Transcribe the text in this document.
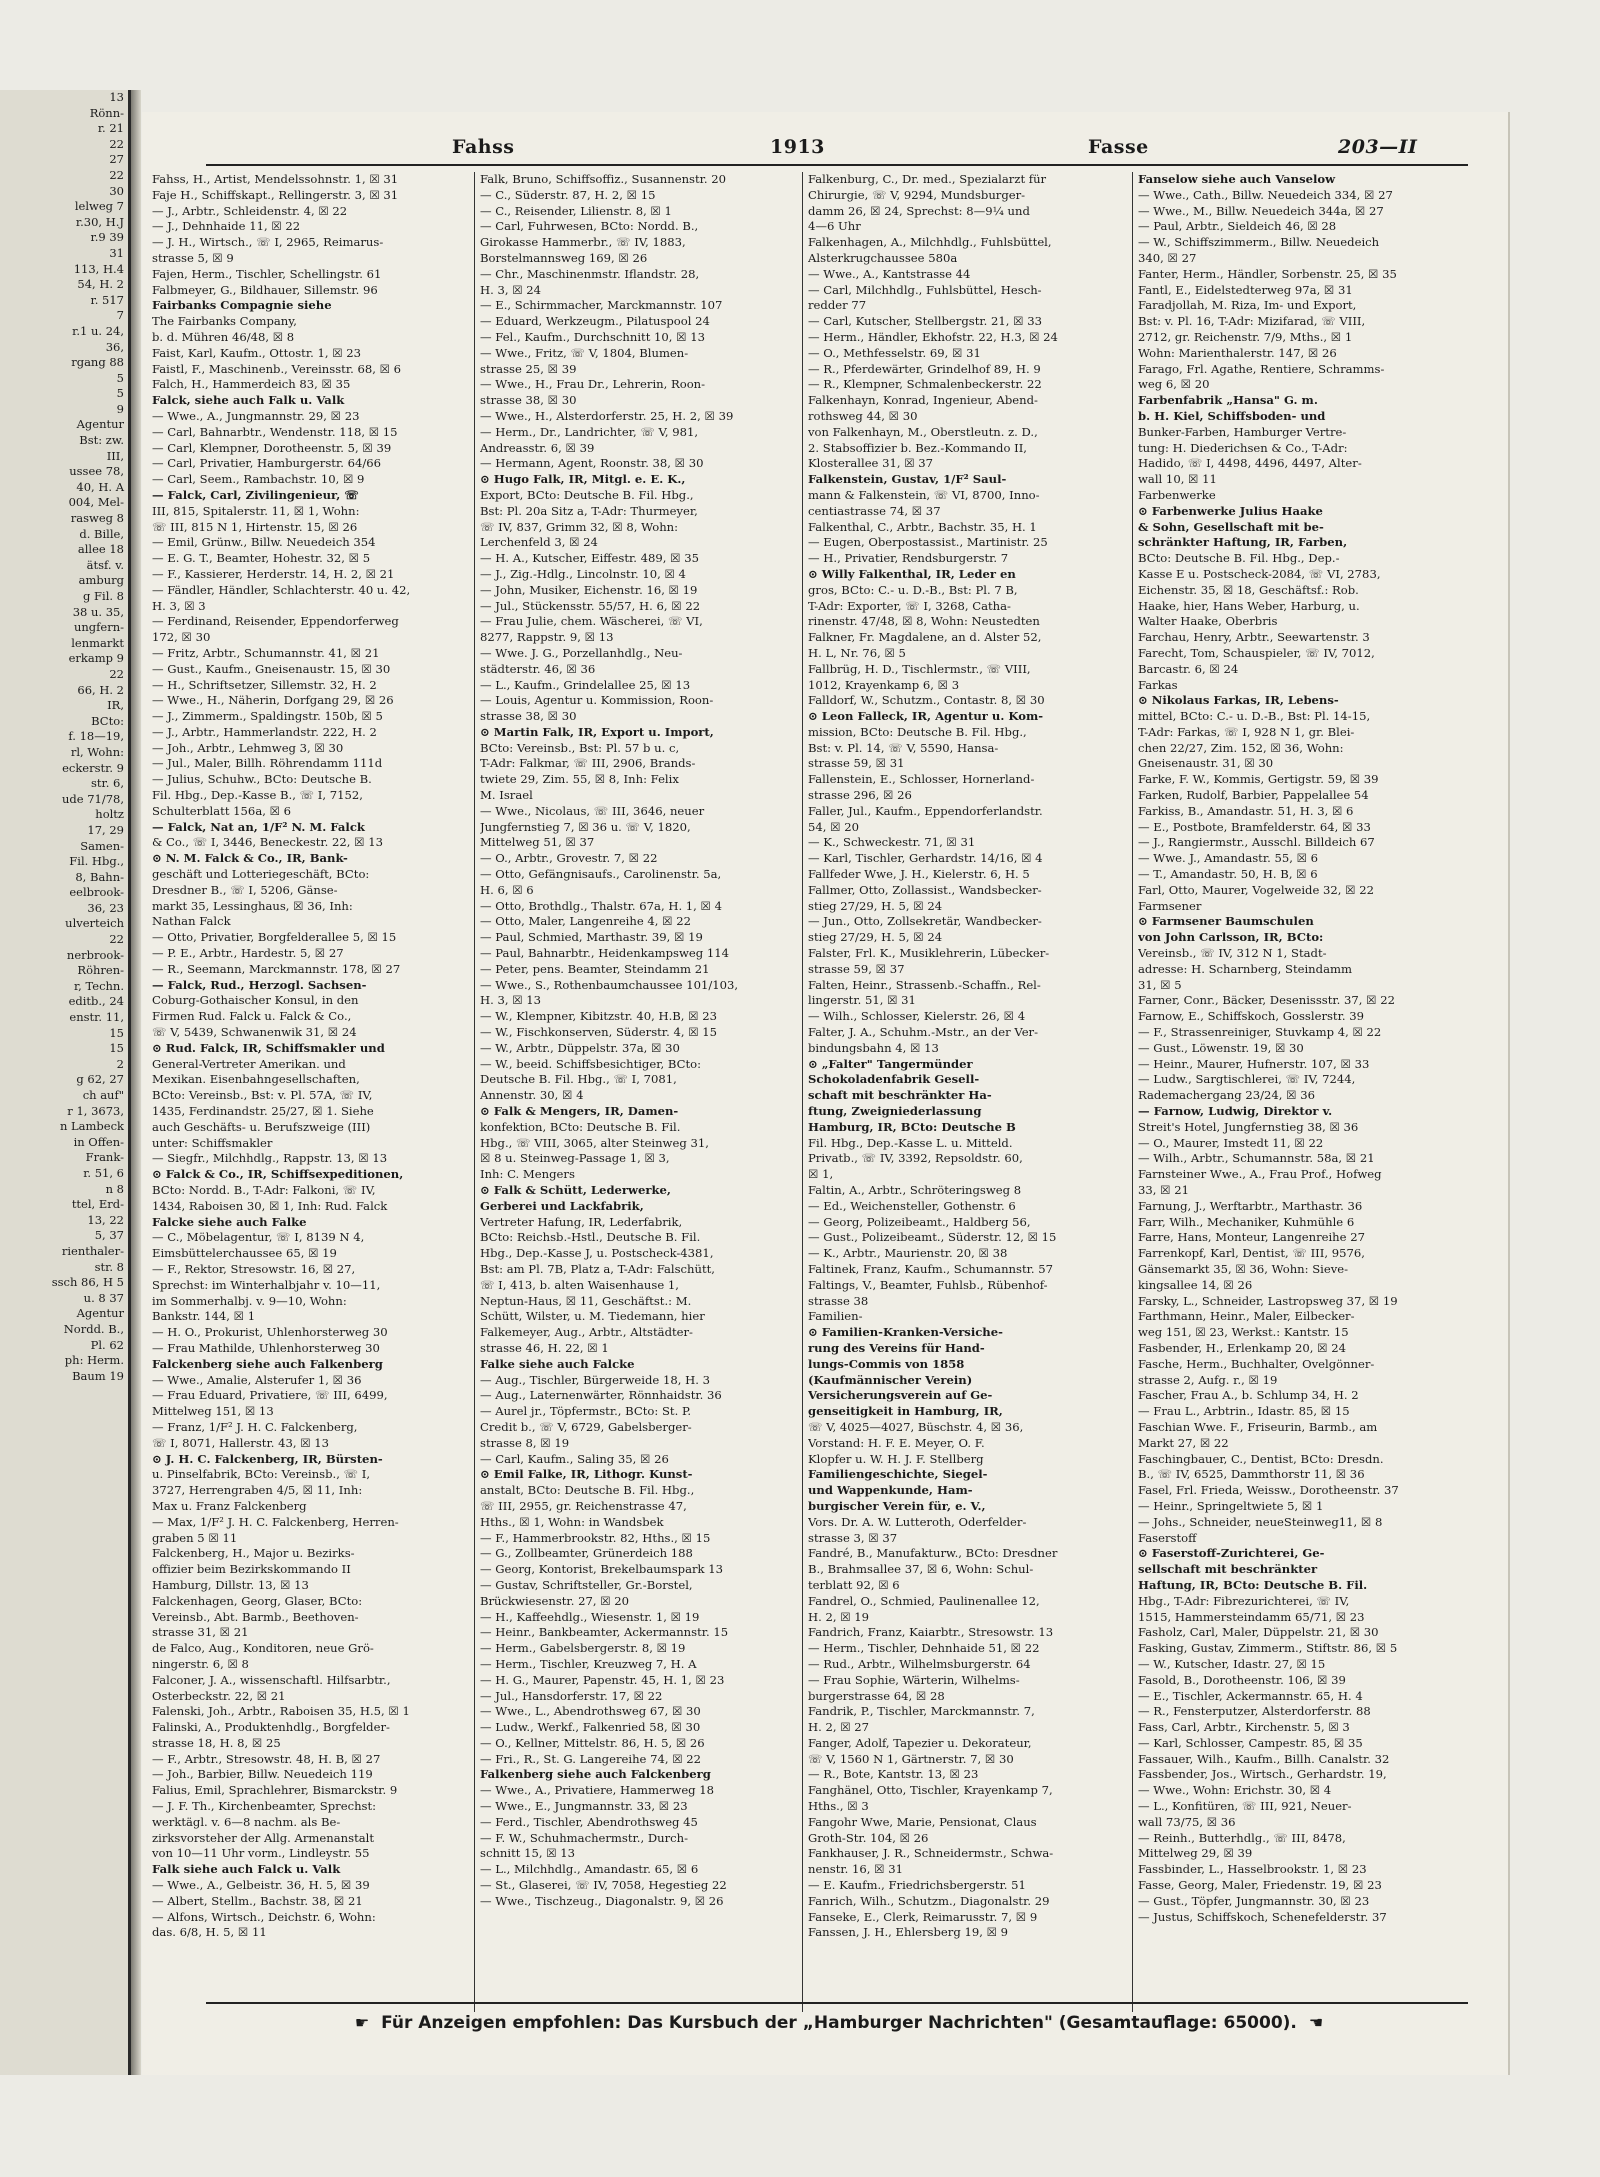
13
Rönn-
r. 21
22
27
22
30
lelweg 7
r.30, H.J
r.9 39
31
113, H.4
54, H. 2
r. 517
7
r.1 u. 24,
36,
rgang 88
5
5
9
Agentur
Bst: zw.
III,
ussee 78,
40, H. A
004, Mel-
rasweg 8
d. Bille,
allee 18
ätsf. v.
amburg
g Fil. 8
38 u. 35,
ungfern-
lenmarkt
erkamp 9
22
66, H. 2
IR,
BCto:
f. 18—19,
rl, Wohn:
eckerstr. 9
str. 6,
ude 71/78,
holtz
17, 29
Samen-
Fil. Hbg.,
8, Bahn-
eelbrook-
36, 23
ulverteich
22
nerbrook-
Röhren-
r, Techn.
editb., 24
enstr. 11,
15
15
2
g 62, 27
ch auf"
r 1, 3673,
n Lambeck
in Offen-
Frank-
r. 51, 6
n 8
ttel, Erd-
13, 22
5, 37
rienthaler-
str. 8
ssch 86, H 5
u. 8 37
Agentur
Nordd. B.,
Pl. 62
ph: Herm.
Baum 19
Fahss	1913	Fasse	203—II
Fahss, H., Artist, Mendelssohnstr. 1, ☒ 31
Faje H., Schiffskapt., Rellingerstr. 3, ☒ 31
— J., Arbtr., Schleidenstr. 4, ☒ 22
— J., Dehnhaide 11, ☒ 22
— J. H., Wirtsch., ☏ I, 2965, Reimarus-
strasse 5, ☒ 9
Fajen, Herm., Tischler, Schellingstr. 61
Falbmeyer, G., Bildhauer, Sillemstr. 96
Fairbanks Compagnie siehe
The Fairbanks Company,
b. d. Mühren 46/48, ☒ 8
Faist, Karl, Kaufm., Ottostr. 1, ☒ 23
Faistl, F., Maschinenb., Vereinsstr. 68, ☒ 6
Falch, H., Hammerdeich 83, ☒ 35
Falck, siehe auch Falk u. Valk
— Wwe., A., Jungmannstr. 29, ☒ 23
— Carl, Bahnarbtr., Wendenstr. 118, ☒ 15
— Carl, Klempner, Dorotheenstr. 5, ☒ 39
— Carl, Privatier, Hamburgerstr. 64/66
— Carl, Seem., Rambachstr. 10, ☒ 9
— Falck, Carl, Zivilingenieur, ☏
III, 815, Spitalerstr. 11, ☒ 1, Wohn:
☏ III, 815 N 1, Hirtenstr. 15, ☒ 26
— Emil, Grünw., Billw. Neuedeich 354
— E. G. T., Beamter, Hohestr. 32, ☒ 5
— F., Kassierer, Herderstr. 14, H. 2, ☒ 21
— Fändler, Händler, Schlachterstr. 40 u. 42,
H. 3, ☒ 3
— Ferdinand, Reisender, Eppendorferweg
172, ☒ 30
— Fritz, Arbtr., Schumannstr. 41, ☒ 21
— Gust., Kaufm., Gneisenaustr. 15, ☒ 30
— H., Schriftsetzer, Sillemstr. 32, H. 2
— Wwe., H., Näherin, Dorfgang 29, ☒ 26
— J., Zimmerm., Spaldingstr. 150b, ☒ 5
— J., Arbtr., Hammerlandstr. 222, H. 2
— Joh., Arbtr., Lehmweg 3, ☒ 30
— Jul., Maler, Billh. Röhrendamm 111d
— Julius, Schuhw., BCto: Deutsche B.
Fil. Hbg., Dep.-Kasse B., ☏ I, 7152,
Schulterblatt 156a, ☒ 6
— Falck, Nat an, 1/F² N. M. Falck
& Co., ☏ I, 3446, Beneckestr. 22, ☒ 13
⊙ N. M. Falck & Co., IR, Bank-
geschäft und Lotteriegeschäft, BCto:
Dresdner B., ☏ I, 5206, Gänse-
markt 35, Lessinghaus, ☒ 36, Inh:
Nathan Falck
— Otto, Privatier, Borgfelderallee 5, ☒ 15
— P. E., Arbtr., Hardestr. 5, ☒ 27
— R., Seemann, Marckmannstr. 178, ☒ 27
— Falck, Rud., Herzogl. Sachsen-
Coburg-Gothaischer Konsul, in den
Firmen Rud. Falck u. Falck & Co.,
☏ V, 5439, Schwanenwik 31, ☒ 24
⊙ Rud. Falck, IR, Schiffsmakler und
General-Vertreter Amerikan. und
Mexikan. Eisenbahngesellschaften,
BCto: Vereinsb., Bst: v. Pl. 57A, ☏ IV,
1435, Ferdinandstr. 25/27, ☒ 1. Siehe
auch Geschäfts- u. Berufszweige (III)
unter: Schiffsmakler
— Siegfr., Milchhdlg., Rappstr. 13, ☒ 13
⊙ Falck & Co., IR, Schiffsexpeditionen,
BCto: Nordd. B., T-Adr: Falkoni, ☏ IV,
1434, Raboisen 30, ☒ 1, Inh: Rud. Falck
Falcke siehe auch Falke
— C., Möbelagentur, ☏ I, 8139 N 4,
Eimsbüttelerchaussee 65, ☒ 19
— F., Rektor, Stresowstr. 16, ☒ 27,
Sprechst: im Winterhalbjahr v. 10—11,
im Sommerhalbj. v. 9—10, Wohn:
Bankstr. 144, ☒ 1
— H. O., Prokurist, Uhlenhorsterweg 30
— Frau Mathilde, Uhlenhorsterweg 30
Falckenberg siehe auch Falkenberg
— Wwe., Amalie, Alsterufer 1, ☒ 36
— Frau Eduard, Privatiere, ☏ III, 6499,
Mittelweg 151, ☒ 13
— Franz, 1/F² J. H. C. Falckenberg,
☏ I, 8071, Hallerstr. 43, ☒ 13
⊙ J. H. C. Falckenberg, IR, Bürsten-
u. Pinselfabrik, BCto: Vereinsb., ☏ I,
3727, Herrengraben 4/5, ☒ 11, Inh:
Max u. Franz Falckenberg
— Max, 1/F² J. H. C. Falckenberg, Herren-
graben 5 ☒ 11
Falckenberg, H., Major u. Bezirks-
offizier beim Bezirkskommando II
Hamburg, Dillstr. 13, ☒ 13
Falckenhagen, Georg, Glaser, BCto:
Vereinsb., Abt. Barmb., Beethoven-
strasse 31, ☒ 21
de Falco, Aug., Konditoren, neue Grö-
ningerstr. 6, ☒ 8
Falconer, J. A., wissenschaftl. Hilfsarbtr.,
Osterbeckstr. 22, ☒ 21
Falenski, Joh., Arbtr., Raboisen 35, H.5, ☒ 1
Falinski, A., Produktenhdlg., Borgfelder-
strasse 18, H. 8, ☒ 25
— F., Arbtr., Stresowstr. 48, H. B, ☒ 27
— Joh., Barbier, Billw. Neuedeich 119
Falius, Emil, Sprachlehrer, Bismarckstr. 9
— J. F. Th., Kirchenbeamter, Sprechst:
werktägl. v. 6—8 nachm. als Be-
zirksvorsteher der Allg. Armenanstalt
von 10—11 Uhr vorm., Lindleystr. 55
Falk siehe auch Falck u. Valk
— Wwe., A., Gelbeistr. 36, H. 5, ☒ 39
— Albert, Stellm., Bachstr. 38, ☒ 21
— Alfons, Wirtsch., Deichstr. 6, Wohn:
das. 6/8, H. 5, ☒ 11
Falk, Bruno, Schiffsoffiz., Susannenstr. 20
— C., Süderstr. 87, H. 2, ☒ 15
— C., Reisender, Lilienstr. 8, ☒ 1
— Carl, Fuhrwesen, BCto: Nordd. B.,
Girokasse Hammerbr., ☏ IV, 1883,
Borstelmannsweg 169, ☒ 26
— Chr., Maschinenmstr. Iflandstr. 28,
H. 3, ☒ 24
— E., Schirmmacher, Marckmannstr. 107
— Eduard, Werkzeugm., Pilatuspool 24
— Fel., Kaufm., Durchschnitt 10, ☒ 13
— Wwe., Fritz, ☏ V, 1804, Blumen-
strasse 25, ☒ 39
— Wwe., H., Frau Dr., Lehrerin, Roon-
strasse 38, ☒ 30
— Wwe., H., Alsterdorferstr. 25, H. 2, ☒ 39
— Herm., Dr., Landrichter, ☏ V, 981,
Andreasstr. 6, ☒ 39
— Hermann, Agent, Roonstr. 38, ☒ 30
⊙ Hugo Falk, IR, Mitgl. e. E. K.,
Export, BCto: Deutsche B. Fil. Hbg.,
Bst: Pl. 20a Sitz a, T-Adr: Thurmeyer,
☏ IV, 837, Grimm 32, ☒ 8, Wohn:
Lerchenfeld 3, ☒ 24
— H. A., Kutscher, Eiffestr. 489, ☒ 35
— J., Zig.-Hdlg., Lincolnstr. 10, ☒ 4
— John, Musiker, Eichenstr. 16, ☒ 19
— Jul., Stückensstr. 55/57, H. 6, ☒ 22
— Frau Julie, chem. Wäscherei, ☏ VI,
8277, Rappstr. 9, ☒ 13
— Wwe. J. G., Porzellanhdlg., Neu-
städterstr. 46, ☒ 36
— L., Kaufm., Grindelallee 25, ☒ 13
— Louis, Agentur u. Kommission, Roon-
strasse 38, ☒ 30
⊙ Martin Falk, IR, Export u. Import,
BCto: Vereinsb., Bst: Pl. 57 b u. c,
T-Adr: Falkmar, ☏ III, 2906, Brands-
twiete 29, Zim. 55, ☒ 8, Inh: Felix
M. Israel
— Wwe., Nicolaus, ☏ III, 3646, neuer
Jungfernstieg 7, ☒ 36 u. ☏ V, 1820,
Mittelweg 51, ☒ 37
— O., Arbtr., Grovestr. 7, ☒ 22
— Otto, Gefängnisaufs., Carolinenstr. 5a,
H. 6, ☒ 6
— Otto, Brothdlg., Thalstr. 67a, H. 1, ☒ 4
— Otto, Maler, Langenreihe 4, ☒ 22
— Paul, Schmied, Marthastr. 39, ☒ 19
— Paul, Bahnarbtr., Heidenkampsweg 114
— Peter, pens. Beamter, Steindamm 21
— Wwe., S., Rothenbaumchaussee 101/103,
H. 3, ☒ 13
— W., Klempner, Kibitzstr. 40, H.B, ☒ 23
— W., Fischkonserven, Süderstr. 4, ☒ 15
— W., Arbtr., Düppelstr. 37a, ☒ 30
— W., beeid. Schiffsbesichtiger, BCto:
Deutsche B. Fil. Hbg., ☏ I, 7081,
Annenstr. 30, ☒ 4
⊙ Falk & Mengers, IR, Damen-
konfektion, BCto: Deutsche B. Fil.
Hbg., ☏ VIII, 3065, alter Steinweg 31,
☒ 8 u. Steinweg-Passage 1, ☒ 3,
Inh: C. Mengers
⊙ Falk & Schütt, Lederwerke,
Gerberei und Lackfabrik,
Vertreter Hafung, IR, Lederfabrik,
BCto: Reichsb.-Hstl., Deutsche B. Fil.
Hbg., Dep.-Kasse J, u. Postscheck-4381,
Bst: am Pl. 7B, Platz a, T-Adr: Falschütt,
☏ I, 413, b. alten Waisenhause 1,
Neptun-Haus, ☒ 11, Geschäftst.: M.
Schütt, Wilster, u. M. Tiedemann, hier
Falkemeyer, Aug., Arbtr., Altstädter-
strasse 46, H. 22, ☒ 1
Falke siehe auch Falcke
— Aug., Tischler, Bürgerweide 18, H. 3
— Aug., Laternenwärter, Rönnhaidstr. 36
— Aurel jr., Töpfermstr., BCto: St. P.
Credit b., ☏ V, 6729, Gabelsberger-
strasse 8, ☒ 19
— Carl, Kaufm., Saling 35, ☒ 26
⊙ Emil Falke, IR, Lithogr. Kunst-
anstalt, BCto: Deutsche B. Fil. Hbg.,
☏ III, 2955, gr. Reichenstrasse 47,
Hths., ☒ 1, Wohn: in Wandsbek
— F., Hammerbrookstr. 82, Hths., ☒ 15
— G., Zollbeamter, Grünerdeich 188
— Georg, Kontorist, Brekelbaumspark 13
— Gustav, Schriftsteller, Gr.-Borstel,
Brückwiesenstr. 27, ☒ 20
— H., Kaffeehdlg., Wiesenstr. 1, ☒ 19
— Heinr., Bankbeamter, Ackermannstr. 15
— Herm., Gabelsbergerstr. 8, ☒ 19
— Herm., Tischler, Kreuzweg 7, H. A
— H. G., Maurer, Papenstr. 45, H. 1, ☒ 23
— Jul., Hansdorferstr. 17, ☒ 22
— Wwe., L., Abendrothsweg 67, ☒ 30
— Ludw., Werkf., Falkenried 58, ☒ 30
— O., Kellner, Mittelstr. 86, H. 5, ☒ 26
— Fri., R., St. G. Langereihe 74, ☒ 22
Falkenberg siehe auch Falckenberg
— Wwe., A., Privatiere, Hammerweg 18
— Wwe., E., Jungmannstr. 33, ☒ 23
— Ferd., Tischler, Abendrothsweg 45
— F. W., Schuhmachermstr., Durch-
schnitt 15, ☒ 13
— L., Milchhdlg., Amandastr. 65, ☒ 6
— St., Glaserei, ☏ IV, 7058, Hegestieg 22
— Wwe., Tischzeug., Diagonalstr. 9, ☒ 26
Falkenburg, C., Dr. med., Spezialarzt für
Chirurgie, ☏ V, 9294, Mundsburger-
damm 26, ☒ 24, Sprechst: 8—9¼ und
4—6 Uhr
Falkenhagen, A., Milchhdlg., Fuhlsbüttel,
Alsterkrugchaussee 580a
— Wwe., A., Kantstrasse 44
— Carl, Milchhdlg., Fuhlsbüttel, Hesch-
redder 77
— Carl, Kutscher, Stellbergstr. 21, ☒ 33
— Herm., Händler, Ekhofstr. 22, H.3, ☒ 24
— O., Methfesselstr. 69, ☒ 31
— R., Pferdewärter, Grindelhof 89, H. 9
— R., Klempner, Schmalenbeckerstr. 22
Falkenhayn, Konrad, Ingenieur, Abend-
rothsweg 44, ☒ 30
von Falkenhayn, M., Oberstleutn. z. D.,
2. Stabsoffizier b. Bez.-Kommando II,
Klosterallee 31, ☒ 37
Falkenstein, Gustav, 1/F² Saul-
mann & Falkenstein, ☏ VI, 8700, Inno-
centiastrasse 74, ☒ 37
Falkenthal, C., Arbtr., Bachstr. 35, H. 1
— Eugen, Oberpostassist., Martinistr. 25
— H., Privatier, Rendsburgerstr. 7
⊙ Willy Falkenthal, IR, Leder en
gros, BCto: C.- u. D.-B., Bst: Pl. 7 B,
T-Adr: Exporter, ☏ I, 3268, Catha-
rinenstr. 47/48, ☒ 8, Wohn: Neustedten
Falkner, Fr. Magdalene, an d. Alster 52,
H. L, Nr. 76, ☒ 5
Fallbrüg, H. D., Tischlermstr., ☏ VIII,
1012, Krayenkamp 6, ☒ 3
Falldorf, W., Schutzm., Contastr. 8, ☒ 30
⊙ Leon Falleck, IR, Agentur u. Kom-
mission, BCto: Deutsche B. Fil. Hbg.,
Bst: v. Pl. 14, ☏ V, 5590, Hansa-
strasse 59, ☒ 31
Fallenstein, E., Schlosser, Hornerland-
strasse 296, ☒ 26
Faller, Jul., Kaufm., Eppendorferlandstr.
54, ☒ 20
— K., Schweckestr. 71, ☒ 31
— Karl, Tischler, Gerhardstr. 14/16, ☒ 4
Fallfeder Wwe, J. H., Kielerstr. 6, H. 5
Fallmer, Otto, Zollassist., Wandsbecker-
stieg 27/29, H. 5, ☒ 24
— Jun., Otto, Zollsekretär, Wandbecker-
stieg 27/29, H. 5, ☒ 24
Falster, Frl. K., Musiklehrerin, Lübecker-
strasse 59, ☒ 37
Falten, Heinr., Strassenb.-Schaffn., Rel-
lingerstr. 51, ☒ 31
— Wilh., Schlosser, Kielerstr. 26, ☒ 4
Falter, J. A., Schuhm.-Mstr., an der Ver-
bindungsbahn 4, ☒ 13
⊙ „Falter" Tangermünder
Schokoladenfabrik Gesell-
schaft mit beschränkter Ha-
ftung, Zweigniederlassung
Hamburg, IR, BCto: Deutsche B
Fil. Hbg., Dep.-Kasse L. u. Mitteld.
Privatb., ☏ IV, 3392, Repsoldstr. 60,
☒ 1,
Faltin, A., Arbtr., Schröteringsweg 8
— Ed., Weichensteller, Gothenstr. 6
— Georg, Polizeibeamt., Haldberg 56,
— Gust., Polizeibeamt., Süderstr. 12, ☒ 15
— K., Arbtr., Maurienstr. 20, ☒ 38
Faltinek, Franz, Kaufm., Schumannstr. 57
Faltings, V., Beamter, Fuhlsb., Rübenhof-
strasse 38
Familien-
⊙ Familien-Kranken-Versiche-
rung des Vereins für Hand-
lungs-Commis von 1858
(Kaufmännischer Verein)
Versicherungsverein auf Ge-
genseitigkeit in Hamburg, IR,
☏ V, 4025—4027, Büschstr. 4, ☒ 36,
Vorstand: H. F. E. Meyer, O. F.
Klopfer u. W. H. J. F. Stellberg
Familiengeschichte, Siegel-
und Wappenkunde, Ham-
burgischer Verein für, e. V.,
Vors. Dr. A. W. Lutteroth, Oderfelder-
strasse 3, ☒ 37
Fandré, B., Manufakturw., BCto: Dresdner
B., Brahmsallee 37, ☒ 6, Wohn: Schul-
terblatt 92, ☒ 6
Fandrel, O., Schmied, Paulinenallee 12,
H. 2, ☒ 19
Fandrich, Franz, Kaiarbtr., Stresowstr. 13
— Herm., Tischler, Dehnhaide 51, ☒ 22
— Rud., Arbtr., Wilhelmsburgerstr. 64
— Frau Sophie, Wärterin, Wilhelms-
burgerstrasse 64, ☒ 28
Fandrik, P., Tischler, Marckmannstr. 7,
H. 2, ☒ 27
Fanger, Adolf, Tapezier u. Dekorateur,
☏ V, 1560 N 1, Gärtnerstr. 7, ☒ 30
— R., Bote, Kantstr. 13, ☒ 23
Fanghänel, Otto, Tischler, Krayenkamp 7,
Hths., ☒ 3
Fangohr Wwe, Marie, Pensionat, Claus
Groth-Str. 104, ☒ 26
Fankhauser, J. R., Schneidermstr., Schwa-
nenstr. 16, ☒ 31
— E. Kaufm., Friedrichsbergerstr. 51
Fanrich, Wilh., Schutzm., Diagonalstr. 29
Fanseke, E., Clerk, Reimarusstr. 7, ☒ 9
Fanssen, J. H., Ehlersberg 19, ☒ 9
Fanselow siehe auch Vanselow
— Wwe., Cath., Billw. Neuedeich 334, ☒ 27
— Wwe., M., Billw. Neuedeich 344a, ☒ 27
— Paul, Arbtr., Sieldeich 46, ☒ 28
— W., Schiffszimmerm., Billw. Neuedeich
340, ☒ 27
Fanter, Herm., Händler, Sorbenstr. 25, ☒ 35
Fantl, E., Eidelstedterweg 97a, ☒ 31
Faradjollah, M. Riza, Im- und Export,
Bst: v. Pl. 16, T-Adr: Mizifarad, ☏ VIII,
2712, gr. Reichenstr. 7/9, Mths., ☒ 1
Wohn: Marienthalerstr. 147, ☒ 26
Farago, Frl. Agathe, Rentiere, Schramms-
weg 6, ☒ 20
Farbenfabrik „Hansa" G. m.
b. H. Kiel, Schiffsboden- und
Bunker-Farben, Hamburger Vertre-
tung: H. Diederichsen & Co., T-Adr:
Hadido, ☏ I, 4498, 4496, 4497, Alter-
wall 10, ☒ 11
Farbenwerke
⊙ Farbenwerke Julius Haake
& Sohn, Gesellschaft mit be-
schränkter Haftung, IR, Farben,
BCto: Deutsche B. Fil. Hbg., Dep.-
Kasse E u. Postscheck-2084, ☏ VI, 2783,
Eichenstr. 35, ☒ 18, Geschäftsf.: Rob.
Haake, hier, Hans Weber, Harburg, u.
Walter Haake, Oberbris
Farchau, Henry, Arbtr., Seewartenstr. 3
Farecht, Tom, Schauspieler, ☏ IV, 7012,
Barcastr. 6, ☒ 24
Farkas
⊙ Nikolaus Farkas, IR, Lebens-
mittel, BCto: C.- u. D.-B., Bst: Pl. 14-15,
T-Adr: Farkas, ☏ I, 928 N 1, gr. Blei-
chen 22/27, Zim. 152, ☒ 36, Wohn:
Gneisenaustr. 31, ☒ 30
Farke, F. W., Kommis, Gertigstr. 59, ☒ 39
Farken, Rudolf, Barbier, Pappelallee 54
Farkiss, B., Amandastr. 51, H. 3, ☒ 6
— E., Postbote, Bramfelderstr. 64, ☒ 33
— J., Rangiermstr., Ausschl. Billdeich 67
— Wwe. J., Amandastr. 55, ☒ 6
— T., Amandastr. 50, H. B, ☒ 6
Farl, Otto, Maurer, Vogelweide 32, ☒ 22
Farmsener
⊙ Farmsener Baumschulen
von John Carlsson, IR, BCto:
Vereinsb., ☏ IV, 312 N 1, Stadt-
adresse: H. Scharnberg, Steindamm
31, ☒ 5
Farner, Conr., Bäcker, Desenissstr. 37, ☒ 22
Farnow, E., Schiffskoch, Gosslerstr. 39
— F., Strassenreiniger, Stuvkamp 4, ☒ 22
— Gust., Löwenstr. 19, ☒ 30
— Heinr., Maurer, Hufnerstr. 107, ☒ 33
— Ludw., Sargtischlerei, ☏ IV, 7244,
Rademachergang 23/24, ☒ 36
— Farnow, Ludwig, Direktor v.
Streit's Hotel, Jungfernstieg 38, ☒ 36
— O., Maurer, Imstedt 11, ☒ 22
— Wilh., Arbtr., Schumannstr. 58a, ☒ 21
Farnsteiner Wwe., A., Frau Prof., Hofweg
33, ☒ 21
Farnung, J., Werftarbtr., Marthastr. 36
Farr, Wilh., Mechaniker, Kuhmühle 6
Farre, Hans, Monteur, Langenreihe 27
Farrenkopf, Karl, Dentist, ☏ III, 9576,
Gänsemarkt 35, ☒ 36, Wohn: Sieve-
kingsallee 14, ☒ 26
Farsky, L., Schneider, Lastropsweg 37, ☒ 19
Farthmann, Heinr., Maler, Eilbecker-
weg 151, ☒ 23, Werkst.: Kantstr. 15
Fasbender, H., Erlenkamp 20, ☒ 24
Fasche, Herm., Buchhalter, Ovelgönner-
strasse 2, Aufg. r., ☒ 19
Fascher, Frau A., b. Schlump 34, H. 2
— Frau L., Arbtrin., Idastr. 85, ☒ 15
Faschian Wwe. F., Friseurin, Barmb., am
Markt 27, ☒ 22
Faschingbauer, C., Dentist, BCto: Dresdn.
B., ☏ IV, 6525, Dammthorstr 11, ☒ 36
Fasel, Frl. Frieda, Weissw., Dorotheenstr. 37
— Heinr., Springeltwiete 5, ☒ 1
— Johs., Schneider, neueSteinweg11, ☒ 8
Faserstoff
⊙ Faserstoff-Zurichterei, Ge-
sellschaft mit beschränkter
Haftung, IR, BCto: Deutsche B. Fil.
Hbg., T-Adr: Fibrezurichterei, ☏ IV,
1515, Hammersteindamm 65/71, ☒ 23
Fasholz, Carl, Maler, Düppelstr. 21, ☒ 30
Fasking, Gustav, Zimmerm., Stiftstr. 86, ☒ 5
— W., Kutscher, Idastr. 27, ☒ 15
Fasold, B., Dorotheenstr. 106, ☒ 39
— E., Tischler, Ackermannstr. 65, H. 4
— R., Fensterputzer, Alsterdorferstr. 88
Fass, Carl, Arbtr., Kirchenstr. 5, ☒ 3
— Karl, Schlosser, Campestr. 85, ☒ 35
Fassauer, Wilh., Kaufm., Billh. Canalstr. 32
Fassbender, Jos., Wirtsch., Gerhardstr. 19,
— Wwe., Wohn: Erichstr. 30, ☒ 4
— L., Konfitüren, ☏ III, 921, Neuer-
wall 73/75, ☒ 36
— Reinh., Butterhdlg., ☏ III, 8478,
Mittelweg 29, ☒ 39
Fassbinder, L., Hasselbrookstr. 1, ☒ 23
Fasse, Georg, Maler, Friedenstr. 19, ☒ 23
— Gust., Töpfer, Jungmannstr. 30, ☒ 23
— Justus, Schiffskoch, Schenefelderstr. 37
☛ Für Anzeigen empfohlen: Das Kursbuch der „Hamburger Nachrichten" (Gesamtauflage: 65000). ☚
